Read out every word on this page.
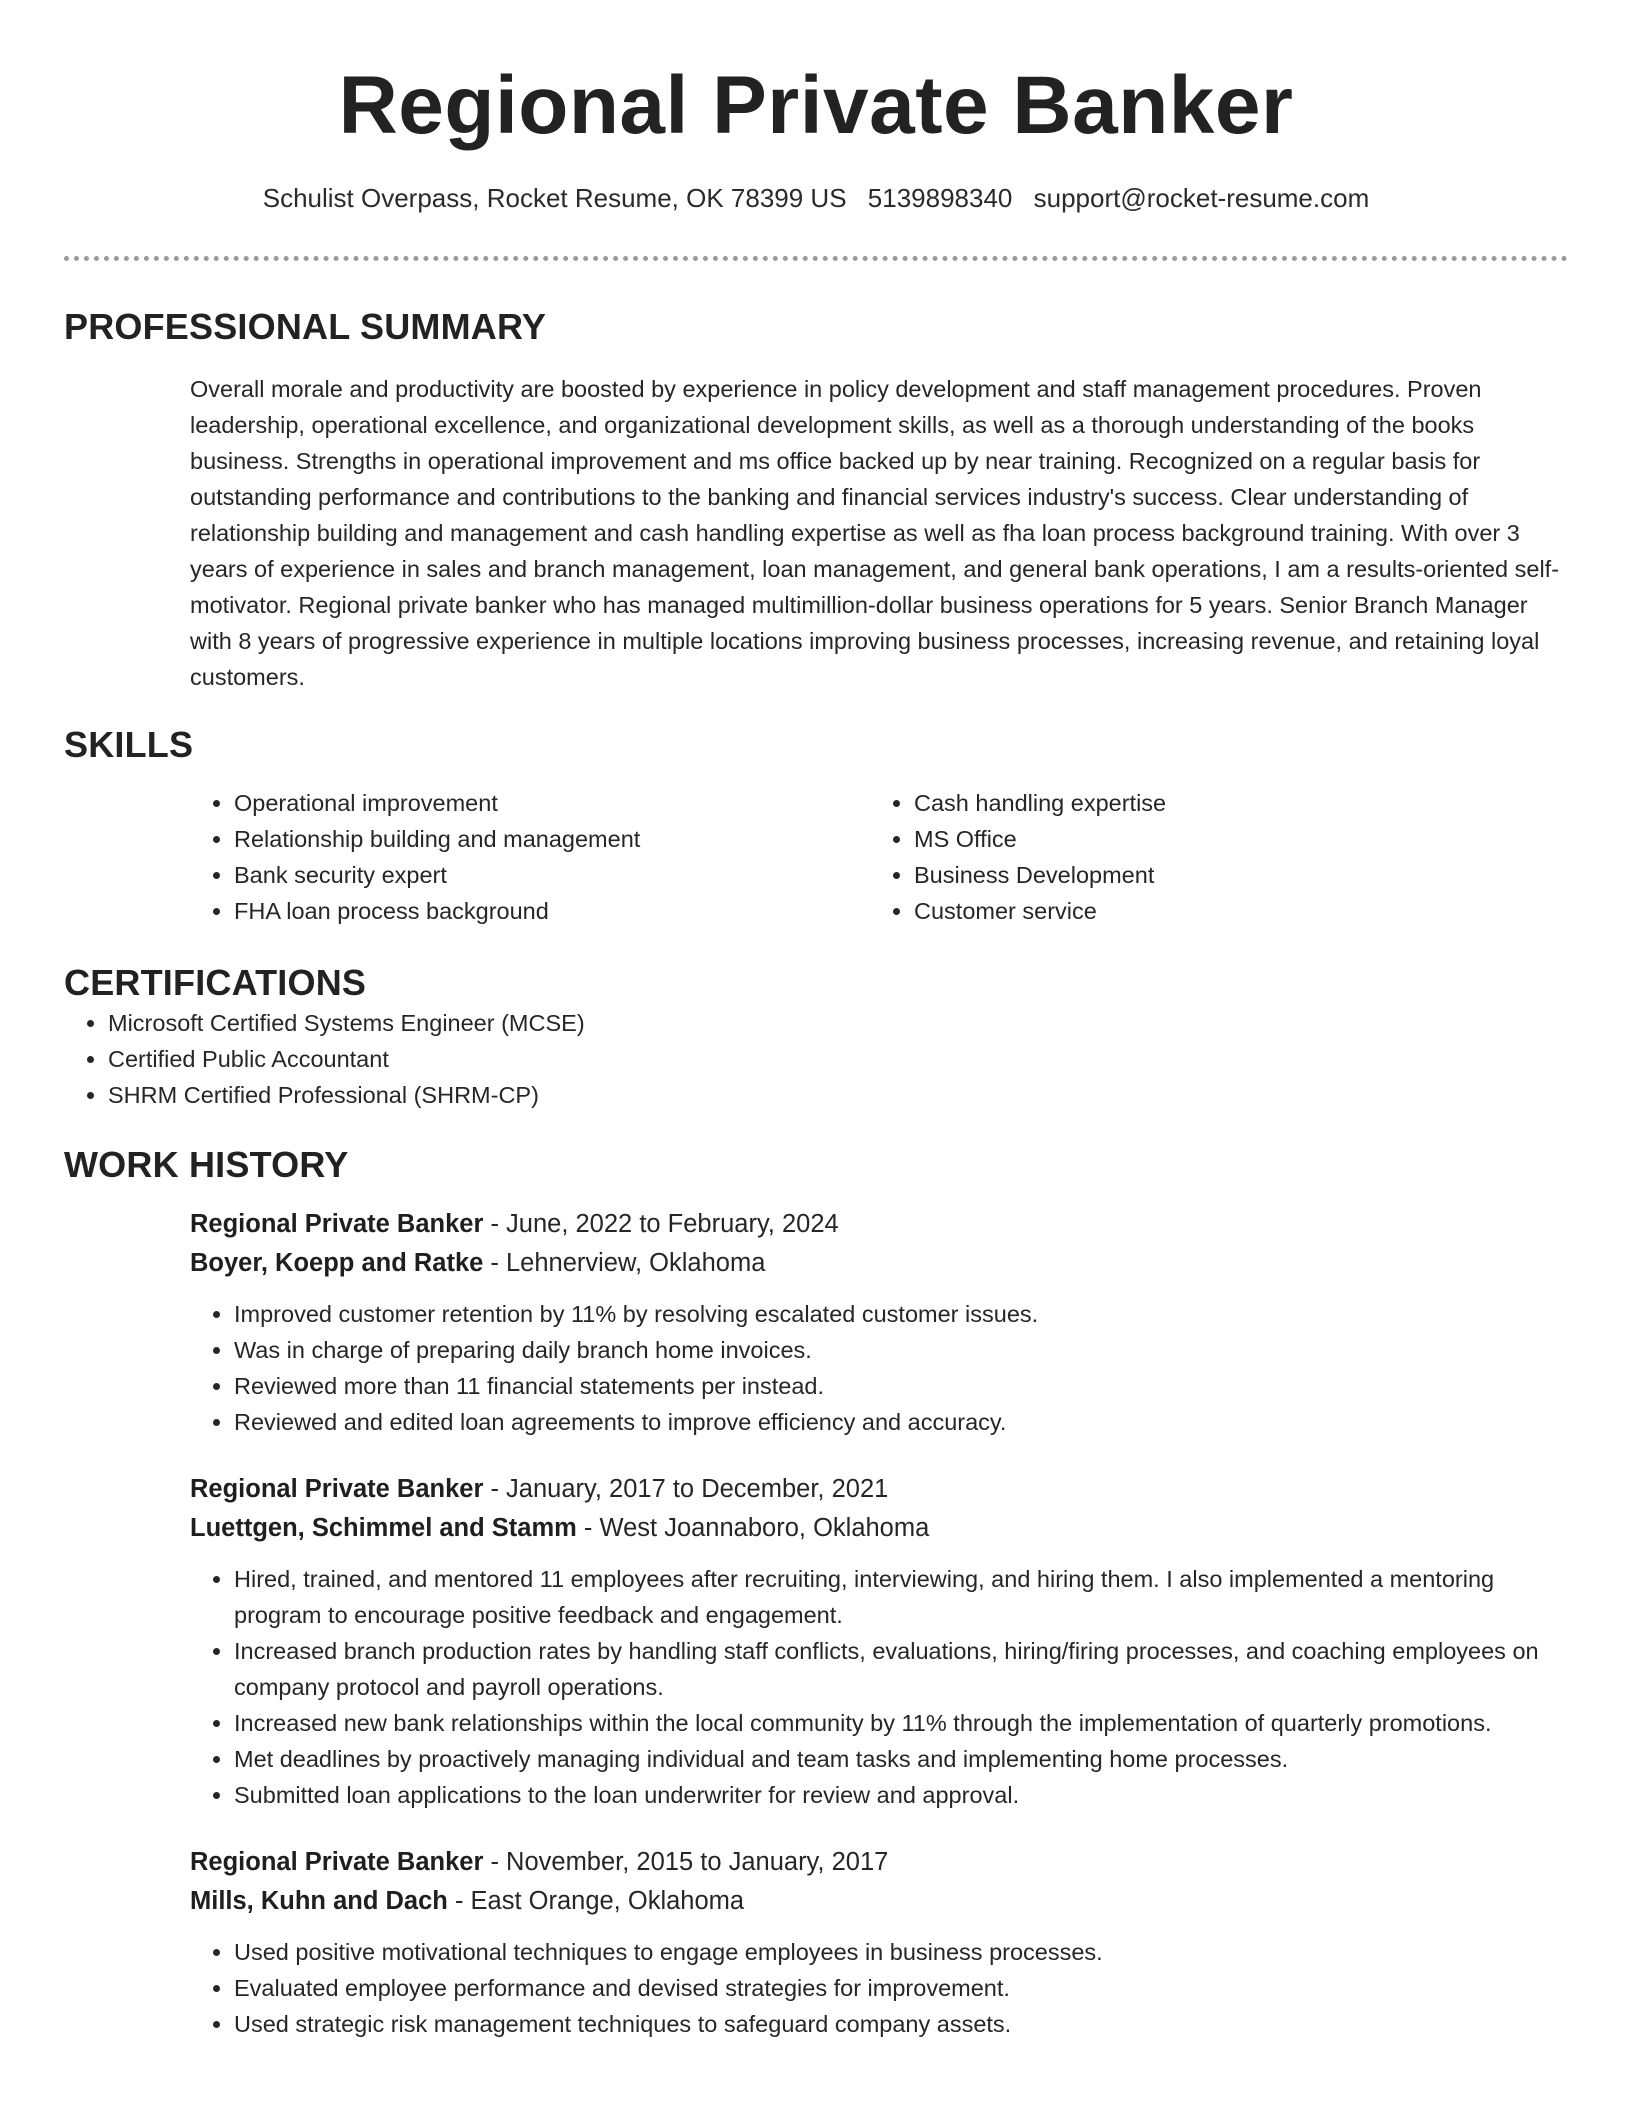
Regional Private Banker
Schulist Overpass, Rocket Resume, OK 78399 US 5139898340 support@rocket-resume.com
PROFESSIONAL SUMMARY

Overall morale and productivity are boosted by experience in policy development and staff management procedures. Proven leadership, operational excellence, and organizational development skills, as well as a thorough understanding of the books business. Strengths in operational improvement and ms office backed up by near training. Recognized on a regular basis for outstanding performance and contributions to the banking and financial services industry's success. Clear understanding of relationship building and management and cash handling expertise as well as fha loan process background training. With over 3 years of experience in sales and branch management, loan management, and general bank operations, I am a results-oriented self-motivator. Regional private banker who has managed multimillion-dollar business operations for 5 years. Senior Branch Manager with 8 years of progressive experience in multiple locations improving business processes, increasing revenue, and retaining loyal customers.

SKILLS
• Operational improvement
• Relationship building and management
• Bank security expert
• FHA loan process background
• Cash handling expertise
• MS Office
• Business Development
• Customer service
CERTIFICATIONS
• Microsoft Certified Systems Engineer (MCSE)
• Certified Public Accountant
• SHRM Certified Professional (SHRM-CP)
WORK HISTORY
Regional Private Banker - June, 2022 to February, 2024
Boyer, Koepp and Ratke - Lehnerview, Oklahoma
• Improved customer retention by 11% by resolving escalated customer issues.
• Was in charge of preparing daily branch home invoices.
• Reviewed more than 11 financial statements per instead.
• Reviewed and edited loan agreements to improve efficiency and accuracy.
Regional Private Banker - January, 2017 to December, 2021
Luettgen, Schimmel and Stamm - West Joannaboro, Oklahoma
• Hired, trained, and mentored 11 employees after recruiting, interviewing, and hiring them. I also implemented a mentoring program to encourage positive feedback and engagement.
• Increased branch production rates by handling staff conflicts, evaluations, hiring/firing processes, and coaching employees on company protocol and payroll operations.
• Increased new bank relationships within the local community by 11% through the implementation of quarterly promotions.
• Met deadlines by proactively managing individual and team tasks and implementing home processes.
• Submitted loan applications to the loan underwriter for review and approval.
Regional Private Banker - November, 2015 to January, 2017
Mills, Kuhn and Dach - East Orange, Oklahoma
• Used positive motivational techniques to engage employees in business processes.
• Evaluated employee performance and devised strategies for improvement.
• Used strategic risk management techniques to safeguard company assets.
